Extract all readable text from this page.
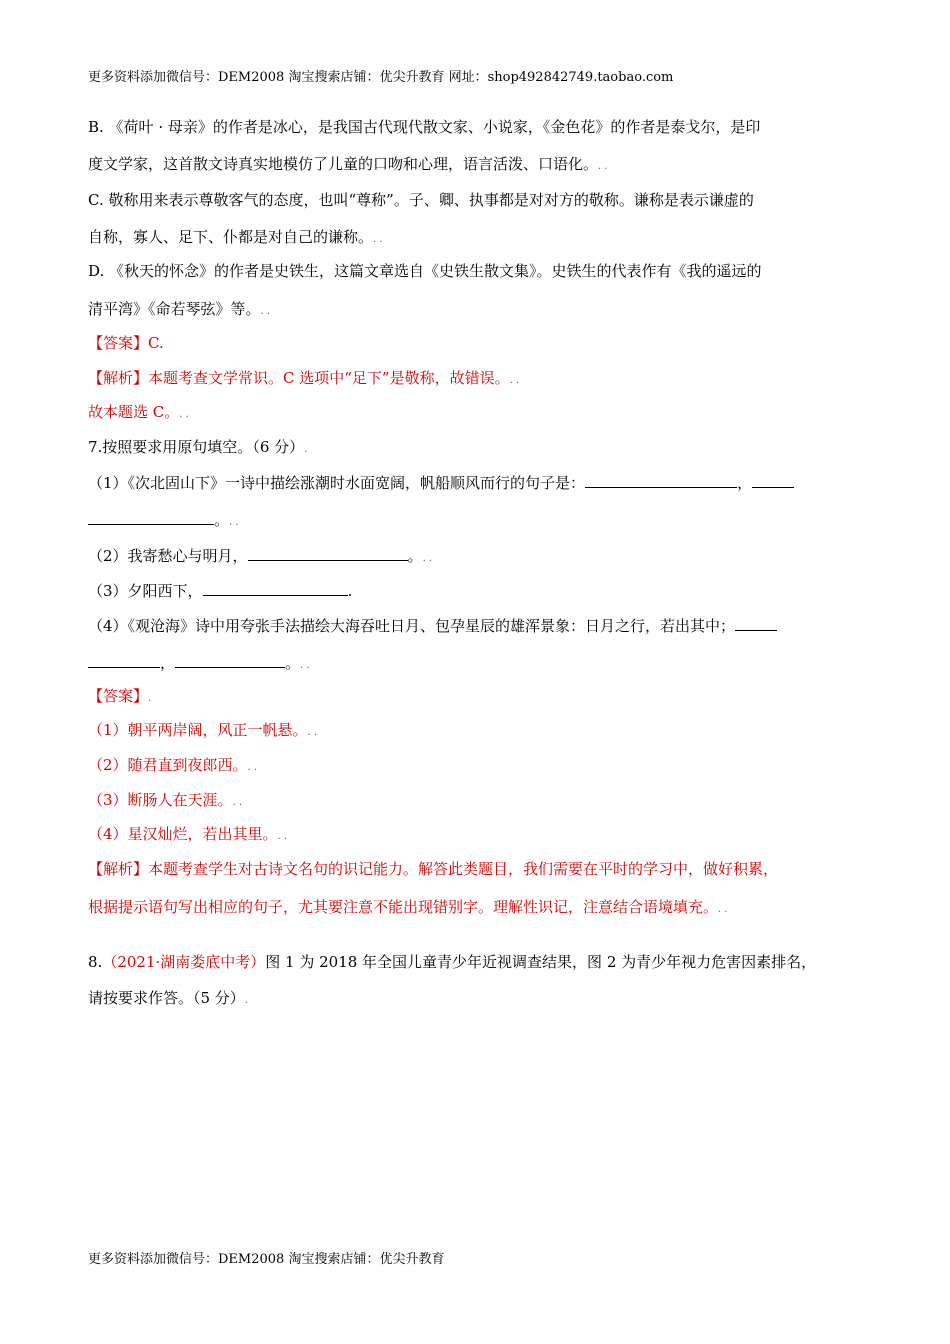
更多资料添加微信号：DEM2008 淘宝搜索店铺：优尖升教育 网址：shop492842749.taobao.com
B. 《荷叶 · 母亲》的作者是冰心，是我国古代现代散文家、小说家，《金色花》的作者是泰戈尔，是印
度文学家，这首散文诗真实地模仿了儿童的口吻和心理，语言活泼、口语化。. .
C. 敬称用来表示尊敬客气的态度，也叫“尊称”。子、卿、执事都是对对方的敬称。谦称是表示谦虚的
自称，寡人、足下、仆都是对自己的谦称。. .
D. 《秋天的怀念》的作者是史铁生，这篇文章选自《史铁生散文集》。史铁生的代表作有《我的遥远的
清平湾》《命若琴弦》等。. .
【答案】C.
【解析】本题考查文学常识。C 选项中“足下”是敬称，故错误。. .
故本题选 C。. .
7.按照要求用原句填空。（6 分）.
（1）《次北固山下》一诗中描绘涨潮时水面宽阔，帆船顺风而行的句子是：	，
。. .
（2）我寄愁心与明月，	。. .
（3）夕阳西下，	.
（4）《观沧海》诗中用夸张手法描绘大海吞吐日月、包孕星辰的雄浑景象：日月之行，若出其中；
，	。. .
【答案】.
（1）朝平两岸阔，风正一帆悬。. .
（2）随君直到夜郎西。. .
（3）断肠人在天涯。. .
（4）星汉灿烂，若出其里。. .
【解析】本题考查学生对古诗文名句的识记能力。解答此类题目，我们需要在平时的学习中，做好积累，
根据提示语句写出相应的句子，尤其要注意不能出现错别字。理解性识记，注意结合语境填充。. .
8.（2021·湖南娄底中考）图 1 为 2018 年全国儿童青少年近视调查结果，图 2 为青少年视力危害因素排名，
请按要求作答。（5 分）.
更多资料添加微信号：DEM2008 淘宝搜索店铺：优尖升教育
